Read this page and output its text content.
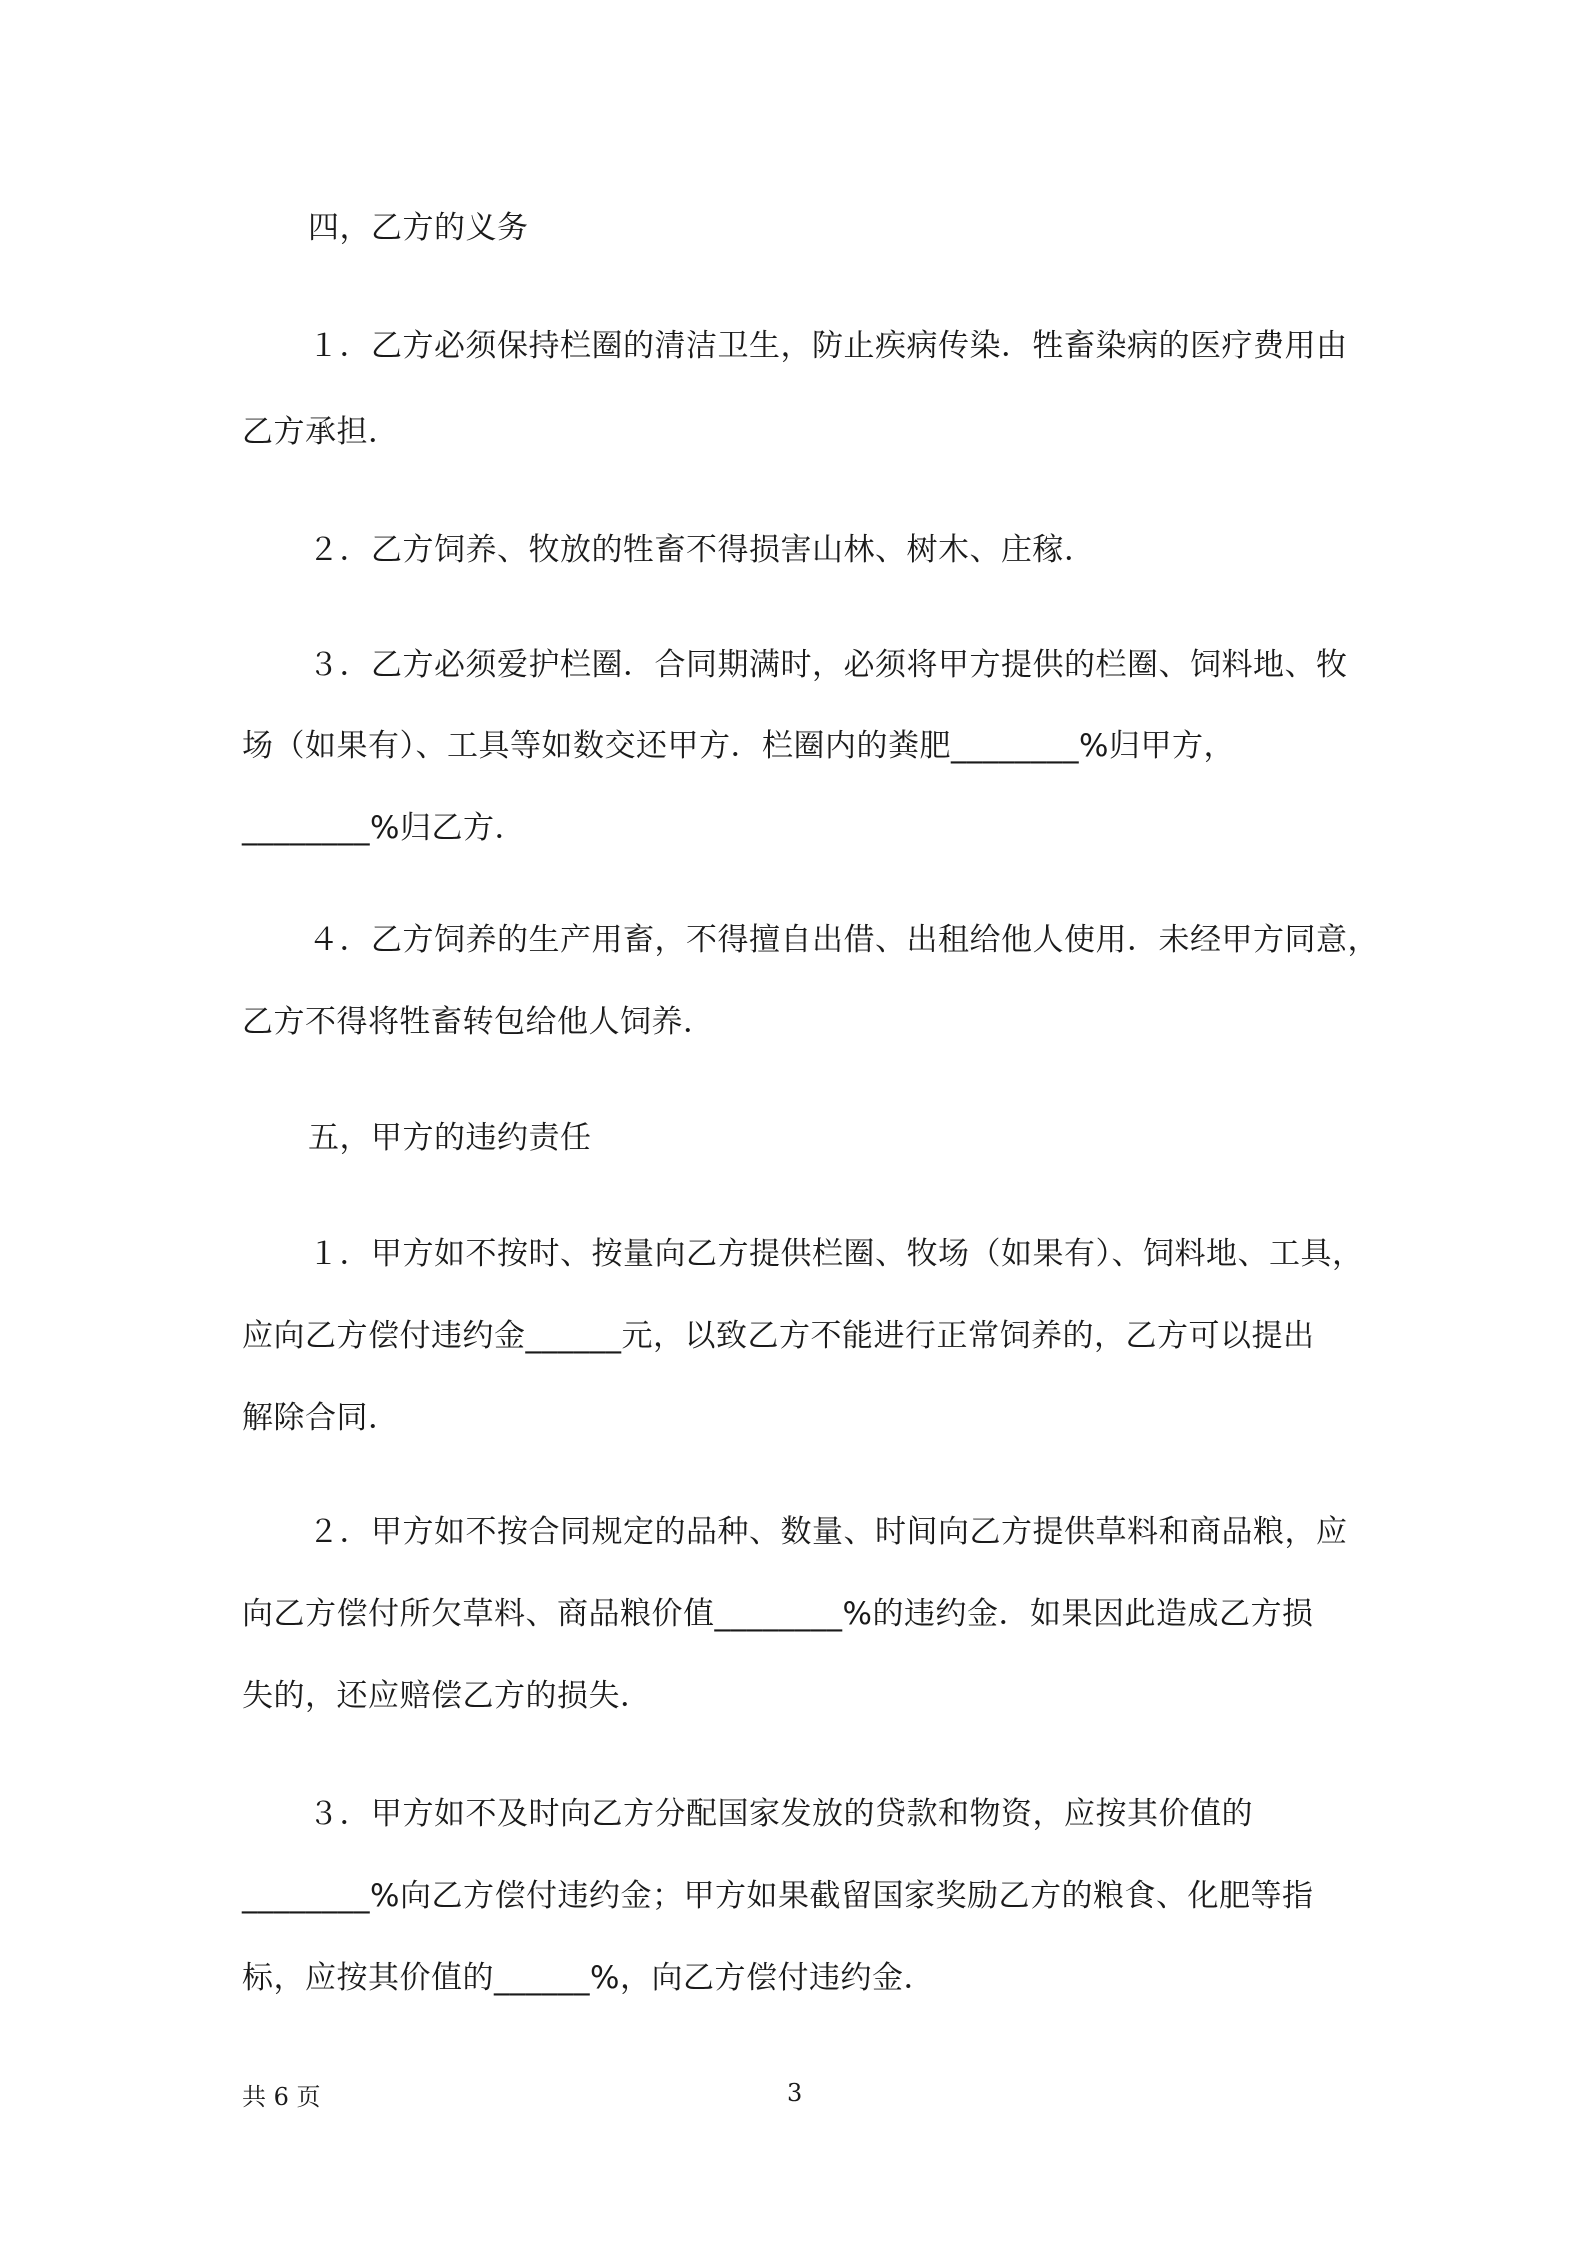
四，乙方的义务
１．乙方必须保持栏圈的清洁卫生，防止疾病传染．牲畜染病的医疗费用由
乙方承担．
２．乙方饲养、牧放的牲畜不得损害山林、树木、庄稼．
３．乙方必须爱护栏圈．合同期满时，必须将甲方提供的栏圈、饲料地、牧
场（如果有）、工具等如数交还甲方．栏圈内的粪肥________%归甲方，
________%归乙方．
４．乙方饲养的生产用畜，不得擅自出借、出租给他人使用．未经甲方同意，
乙方不得将牲畜转包给他人饲养．
五，甲方的违约责任
１．甲方如不按时、按量向乙方提供栏圈、牧场（如果有）、饲料地、工具，
应向乙方偿付违约金______元，以致乙方不能进行正常饲养的，乙方可以提出
解除合同．
２．甲方如不按合同规定的品种、数量、时间向乙方提供草料和商品粮，应
向乙方偿付所欠草料、商品粮价值________%的违约金．如果因此造成乙方损
失的，还应赔偿乙方的损失．
３．甲方如不及时向乙方分配国家发放的贷款和物资，应按其价值的
________%向乙方偿付违约金；甲方如果截留国家奖励乙方的粮食、化肥等指
标，应按其价值的______%，向乙方偿付违约金．
共 6 页	3
